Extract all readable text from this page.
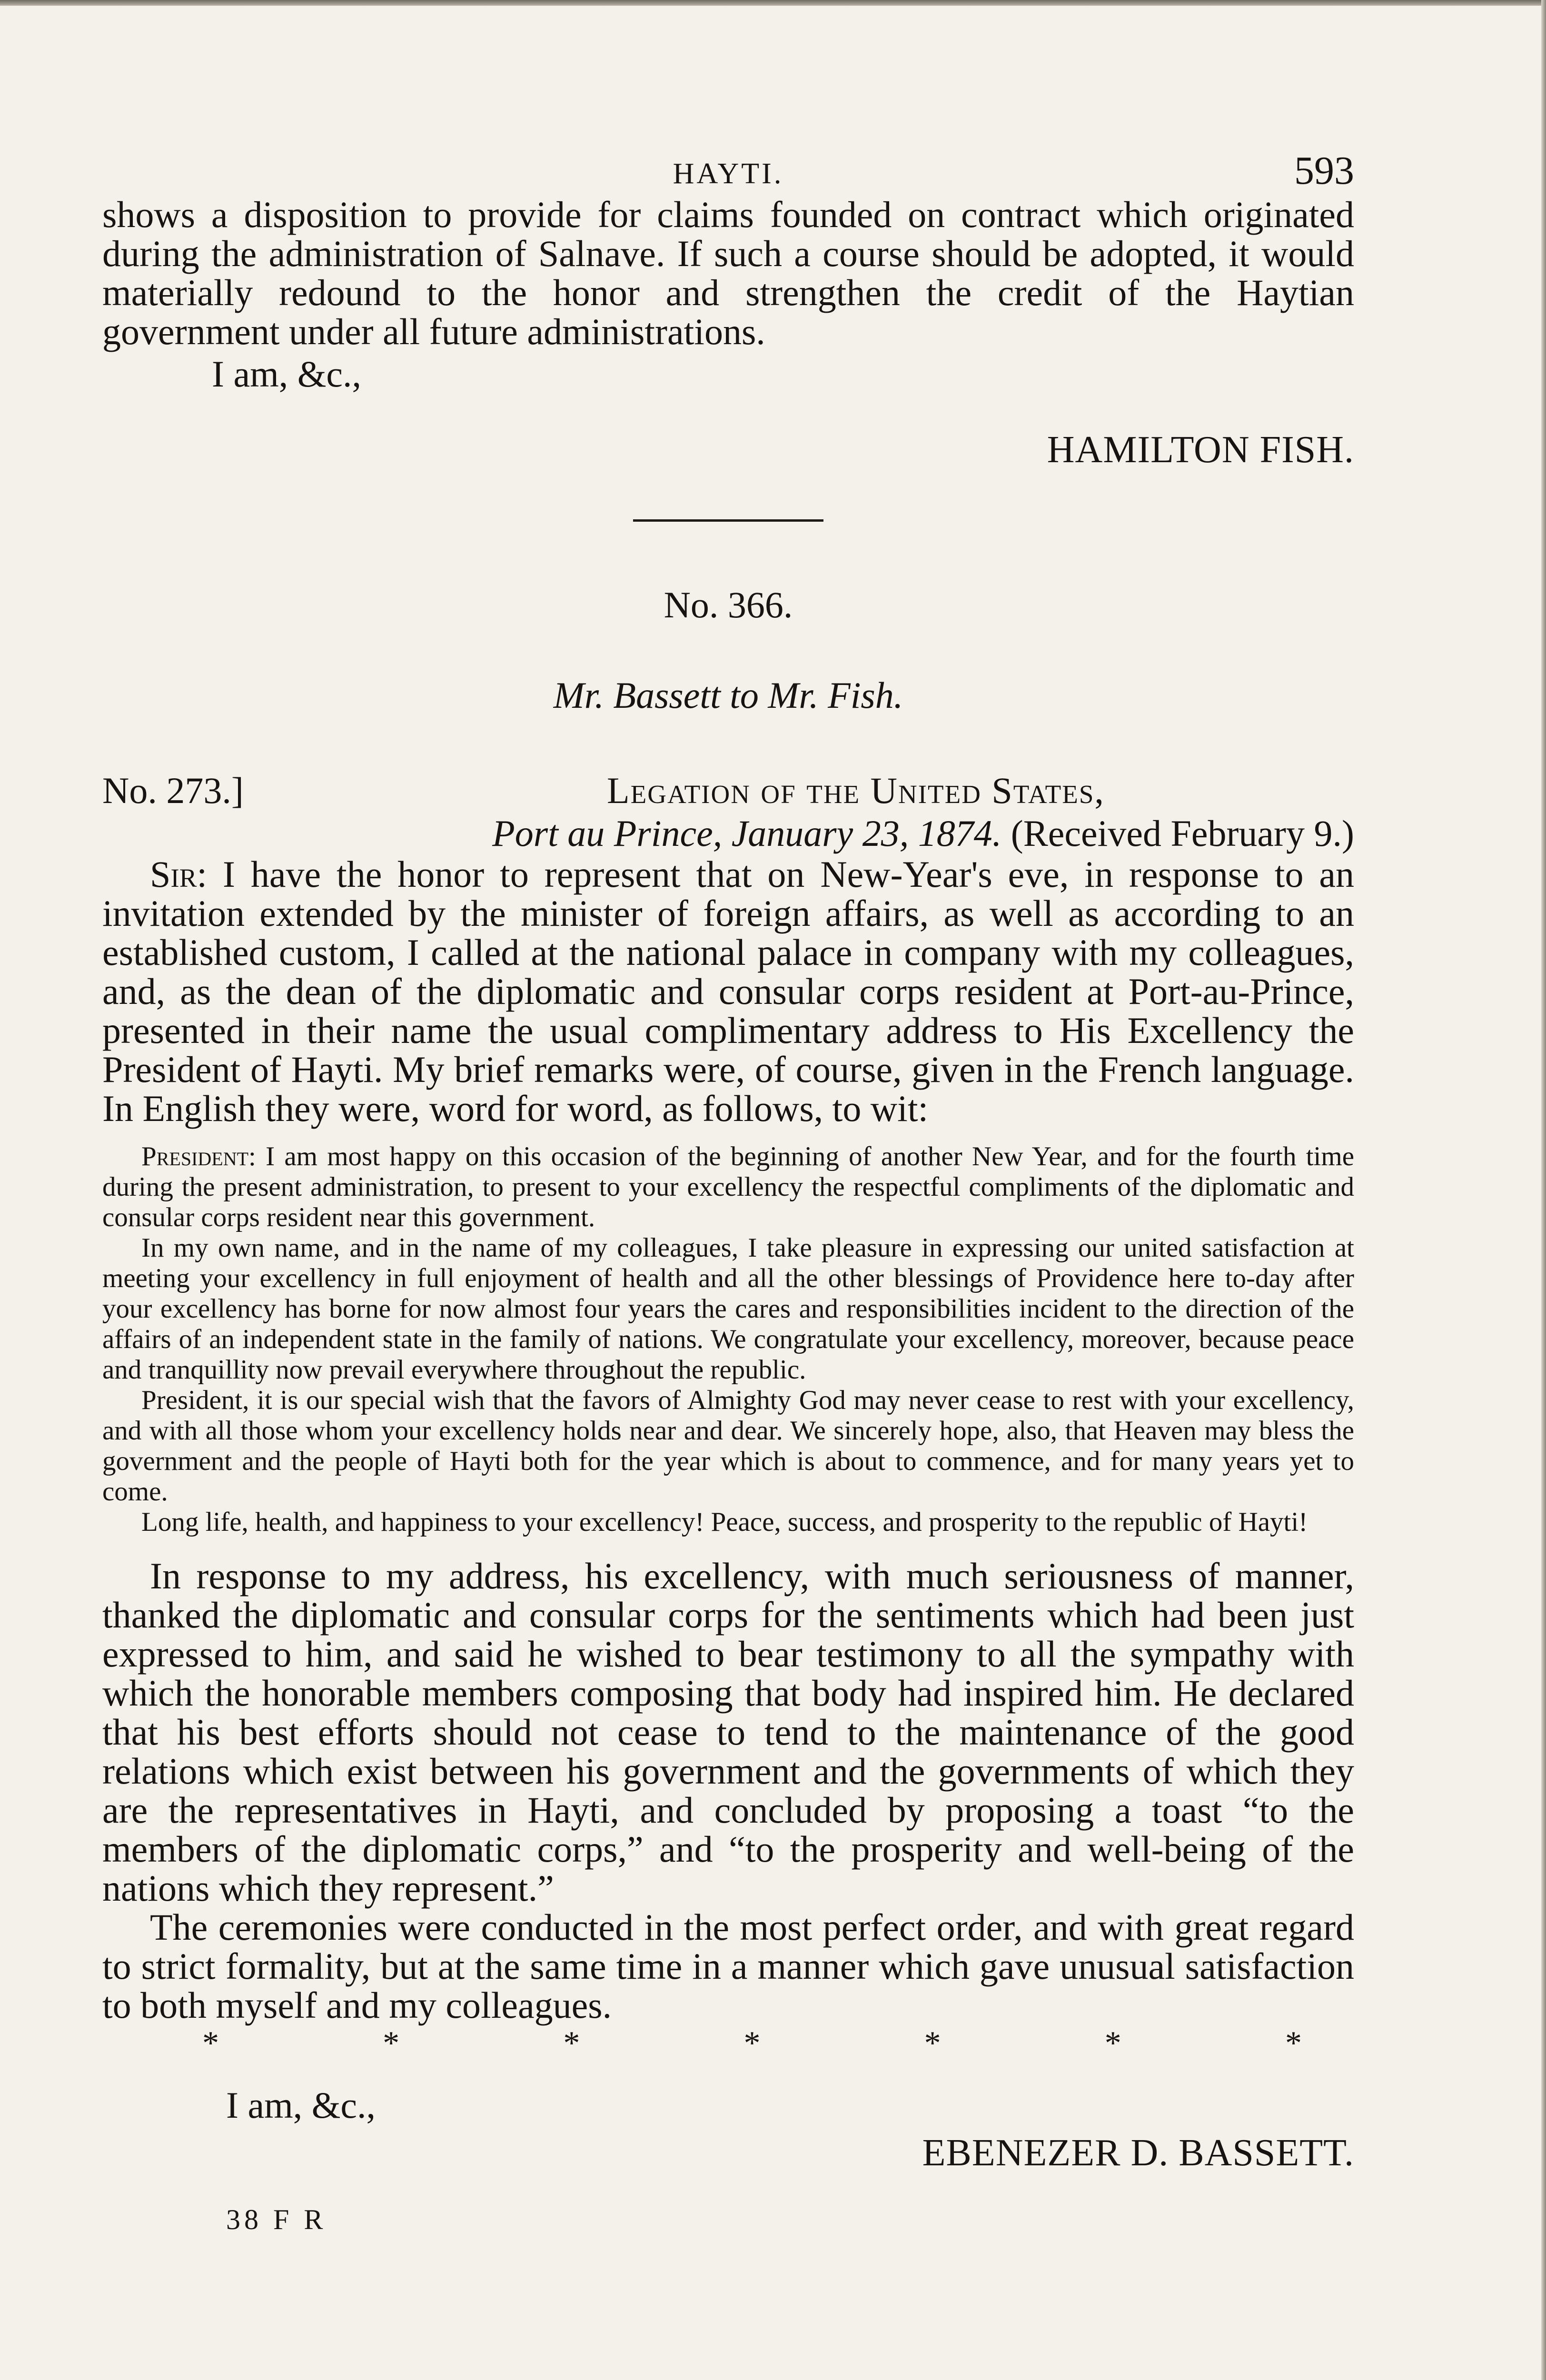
HAYTI.	593

shows a disposition to provide for claims founded on contract which originated during the administration of Salnave. If such a course should be adopted, it would materially redound to the honor and strengthen the credit of the Haytian government under all future administrations.

I am, &c.,
HAMILTON FISH.
No. 366.
Mr. Bassett to Mr. Fish.
No. 273.]	Legation of the United States,
Port au Prince, January 23, 1874. (Received February 9.)

Sir: I have the honor to represent that on New-Year's eve, in response to an invitation extended by the minister of foreign affairs, as well as according to an established custom, I called at the national palace in company with my colleagues, and, as the dean of the diplomatic and consular corps resident at Port-au-Prince, presented in their name the usual complimentary address to His Excellency the President of Hayti. My brief remarks were, of course, given in the French language. In English they were, word for word, as follows, to wit:

President: I am most happy on this occasion of the beginning of another New Year, and for the fourth time during the present administration, to present to your excellency the respectful compliments of the diplomatic and consular corps resident near this government.

In my own name, and in the name of my colleagues, I take pleasure in expressing our united satisfaction at meeting your excellency in full enjoyment of health and all the other blessings of Providence here to-day after your excellency has borne for now almost four years the cares and responsibilities incident to the direction of the affairs of an independent state in the family of nations. We congratulate your excellency, moreover, because peace and tranquillity now prevail everywhere throughout the republic.

President, it is our special wish that the favors of Almighty God may never cease to rest with your excellency, and with all those whom your excellency holds near and dear. We sincerely hope, also, that Heaven may bless the government and the people of Hayti both for the year which is about to commence, and for many years yet to come.

Long life, health, and happiness to your excellency! Peace, success, and prosperity to the republic of Hayti!

In response to my address, his excellency, with much seriousness of manner, thanked the diplomatic and consular corps for the sentiments which had been just expressed to him, and said he wished to bear testimony to all the sympathy with which the honorable members composing that body had inspired him. He declared that his best efforts should not cease to tend to the maintenance of the good relations which exist between his government and the governments of which they are the representatives in Hayti, and concluded by proposing a toast “to the members of the diplomatic corps,” and “to the prosperity and well-being of the nations which they represent.”

The ceremonies were conducted in the most perfect order, and with great regard to strict formality, but at the same time in a manner which gave unusual satisfaction to both myself and my colleagues.

*	*	*	*	*	*	*
I am, &c.,
EBENEZER D. BASSETT.
38 F R
